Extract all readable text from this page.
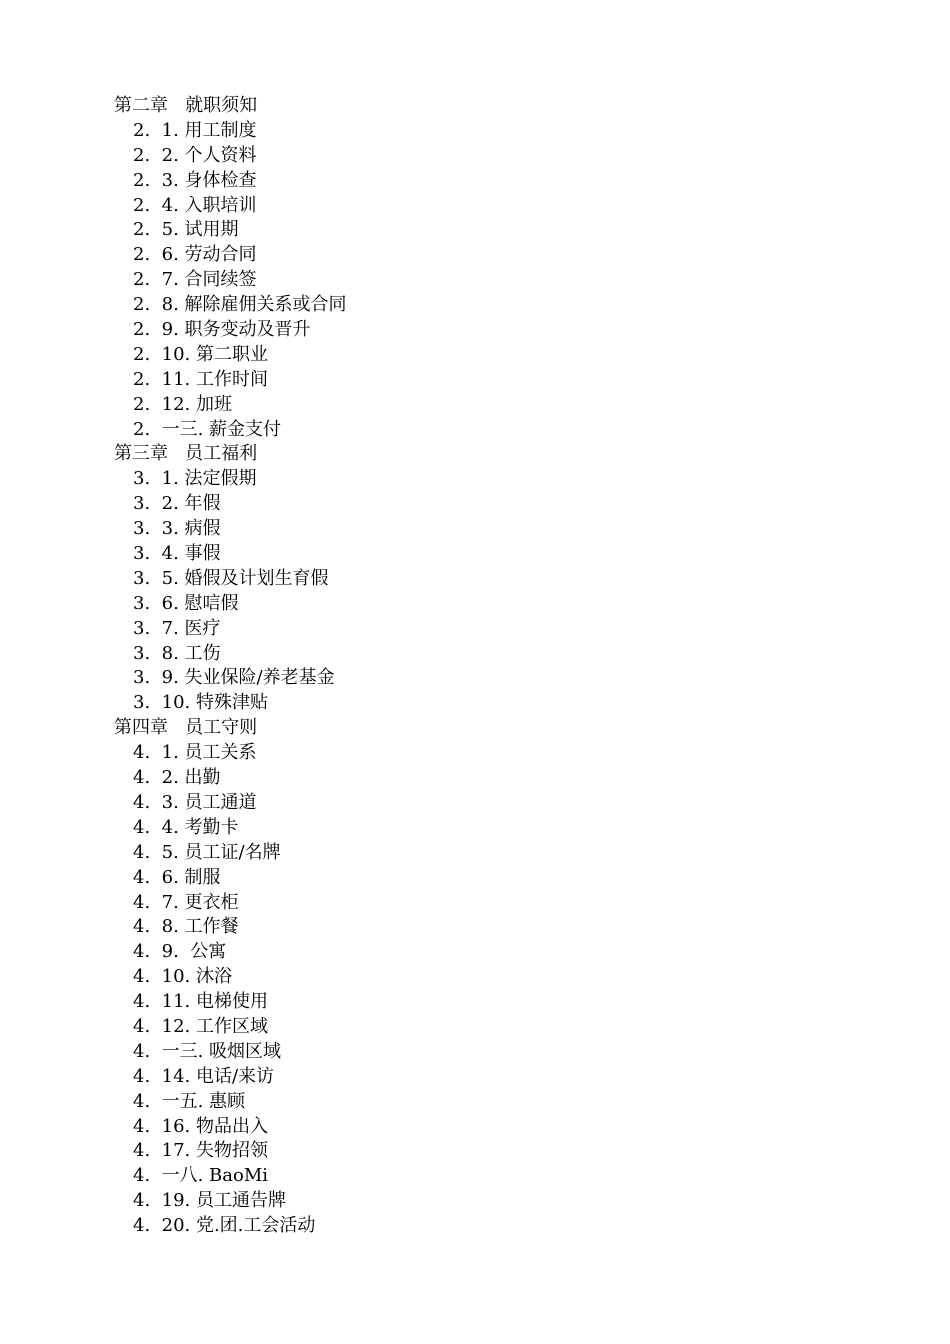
第二章   就职须知
2.  1. 用工制度
2.  2. 个人资料
2.  3. 身体检查
2.  4. 入职培训
2.  5. 试用期
2.  6. 劳动合同
2.  7. 合同续签
2.  8. 解除雇佣关系或合同
2.  9. 职务变动及晋升
2.  10. 第二职业
2.  11. 工作时间
2.  12. 加班
2.  一三. 薪金支付
第三章   员工福利
3.  1. 法定假期
3.  2. 年假
3.  3. 病假
3.  4. 事假
3.  5. 婚假及计划生育假
3.  6. 慰唁假
3.  7. 医疗
3.  8. 工伤
3.  9. 失业保险/养老基金
3.  10. 特殊津贴
第四章   员工守则
4.  1. 员工关系
4.  2. 出勤
4.  3. 员工通道
4.  4. 考勤卡
4.  5. 员工证/名牌
4.  6. 制服
4.  7. 更衣柜
4.  8. 工作餐
4.  9.  公寓
4.  10. 沐浴
4.  11. 电梯使用
4.  12. 工作区域
4.  一三. 吸烟区域
4.  14. 电话/来访
4.  一五. 惠顾
4.  16. 物品出入
4.  17. 失物招领
4.  一八. BaoMi
4.  19. 员工通告牌
4.  20. 党.团.工会活动
